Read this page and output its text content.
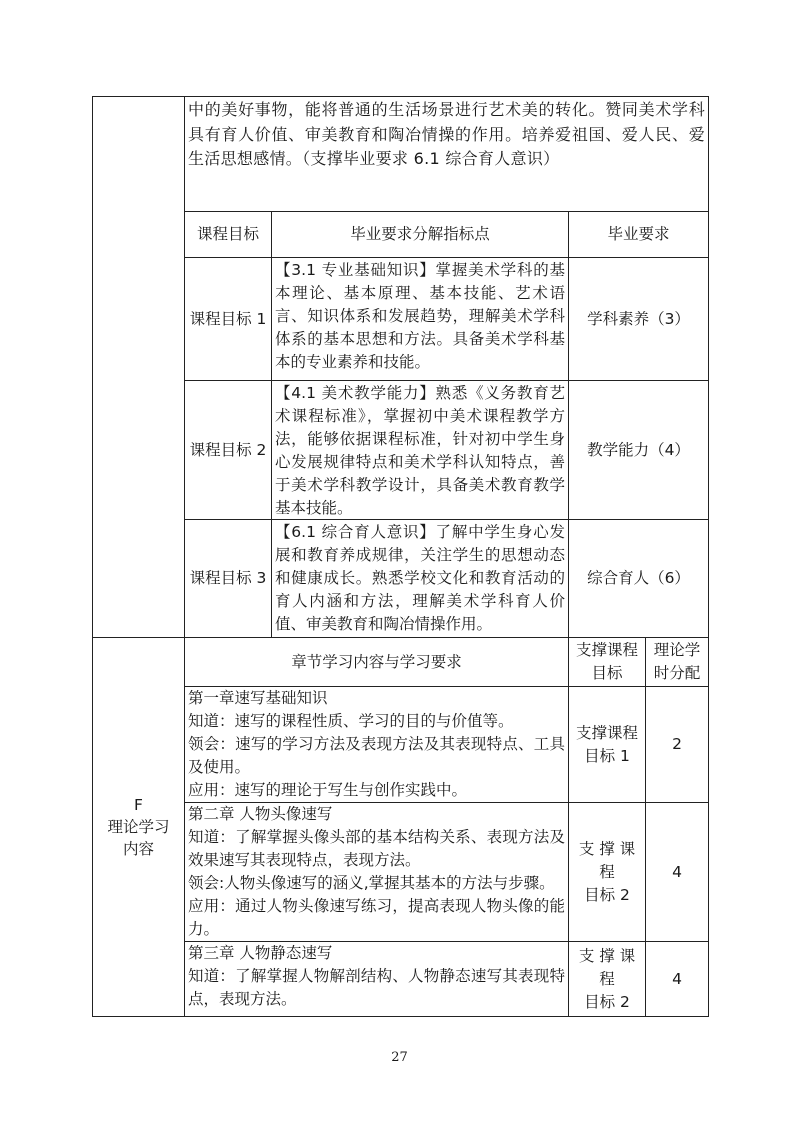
中的美好事物，能将普通的生活场景进行艺术美的转化。赞同美术学科具有育人价值、审美教育和陶冶情操的作用。培养爱祖国、爱人民、爱生活思想感情。（支撑毕业要求 6.1 综合育人意识）
课程目标	毕业要求分解指标点	毕业要求
课程目标 1
【3.1 专业基础知识】掌握美术学科的基本理论、基本原理、基本技能、艺术语言、知识体系和发展趋势，理解美术学科体系的基本思想和方法。具备美术学科基本的专业素养和技能。
学科素养（3）
课程目标 2
【4.1 美术教学能力】熟悉《义务教育艺术课程标准》，掌握初中美术课程教学方法，能够依据课程标准，针对初中学生身心发展规律特点和美术学科认知特点，善于美术学科教学设计，具备美术教育教学基本技能。
教学能力（4）
课程目标 3
【6.1 综合育人意识】了解中学生身心发展和教育养成规律，关注学生的思想动态和健康成长。熟悉学校文化和教育活动的育人内涵和方法，理解美术学科育人价值、审美教育和陶冶情操作用。
综合育人（6）
F
理论学习
内容
章节学习内容与学习要求
支撑课程
目标
理论学
时分配
第一章速写基础知识
知道：速写的课程性质、学习的目的与价值等。
领会：速写的学习方法及表现方法及其表现特点、工具及使用。
应用：速写的理论于写生与创作实践中。
支撑课程
目标 1
2
第二章 人物头像速写
知道：了解掌握头像头部的基本结构关系、表现方法及效果速写其表现特点，表现方法。
领会:人物头像速写的涵义,掌握其基本的方法与步骤。
应用：通过人物头像速写练习，提高表现人物头像的能力。
支 撑 课 程
目标 2
4
第三章 人物静态速写
知道：了解掌握人物解剖结构、人物静态速写其表现特点，表现方法。
支 撑 课 程
目标 2
4
27
